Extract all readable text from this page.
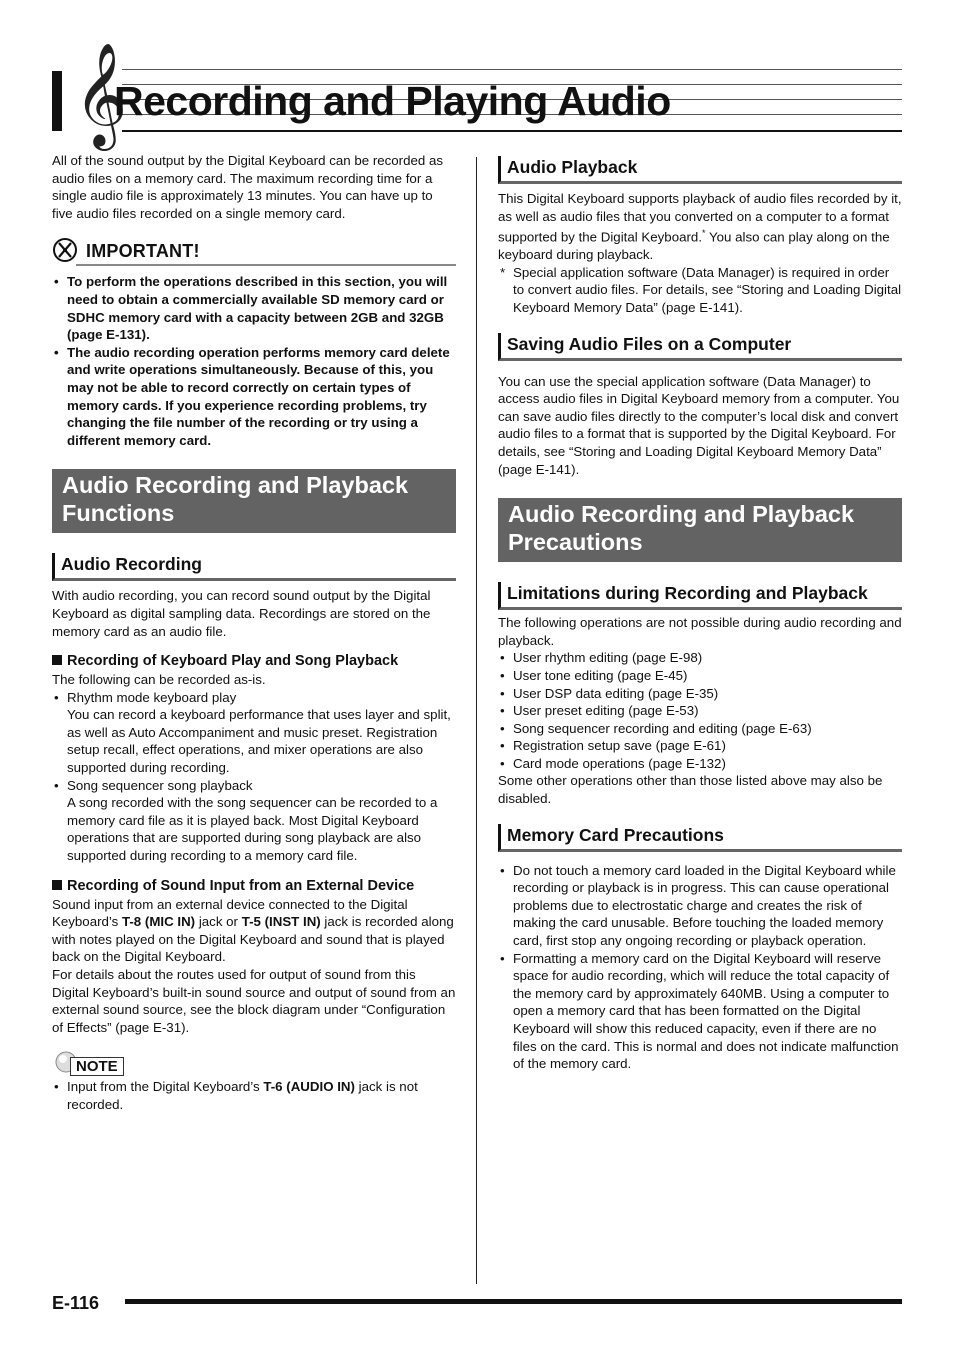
𝄞
Recording and Playing Audio

All of the sound output by the Digital Keyboard can be recorded as audio files on a memory card. The maximum recording time for a single audio file is approximately 13 minutes. You can have up to five audio files recorded on a single memory card.

IMPORTANT!
• To perform the operations described in this section, you will need to obtain a commercially available SD memory card or SDHC memory card with a capacity between 2GB and 32GB (page E-131).
• The audio recording operation performs memory card delete and write operations simultaneously. Because of this, you may not be able to record correctly on certain types of memory cards. If you experience recording problems, try changing the file number of the recording or try using a different memory card.
Audio Recording and Playback Functions
Audio Recording

With audio recording, you can record sound output by the Digital Keyboard as digital sampling data. Recordings are stored on the memory card as an audio file.

Recording of Keyboard Play and Song Playback

The following can be recorded as-is.

• Rhythm mode keyboard play
You can record a keyboard performance that uses layer and split, as well as Auto Accompaniment and music preset. Registration setup recall, effect operations, and mixer operations are also supported during recording.
• Song sequencer song playback
A song recorded with the song sequencer can be recorded to a memory card file as it is played back. Most Digital Keyboard operations that are supported during song playback are also supported during recording to a memory card file.
Recording of Sound Input from an External Device

Sound input from an external device connected to the Digital Keyboard’s T-8 (MIC IN) jack or T-5 (INST IN) jack is recorded along with notes played on the Digital Keyboard and sound that is played back on the Digital Keyboard.

For details about the routes used for output of sound from this Digital Keyboard’s built-in sound source and output of sound from an external sound source, see the block diagram under “Configuration of Effects” (page E-31).

NOTE
• Input from the Digital Keyboard’s T-6 (AUDIO IN) jack is not recorded.
Audio Playback

This Digital Keyboard supports playback of audio files recorded by it, as well as audio files that you converted on a computer to a format supported by the Digital Keyboard.* You also can play along on the keyboard during playback.

* Special application software (Data Manager) is required in order to convert audio files. For details, see “Storing and Loading Digital Keyboard Memory Data” (page E-141).
Saving Audio Files on a Computer

You can use the special application software (Data Manager) to access audio files in Digital Keyboard memory from a computer. You can save audio files directly to the computer’s local disk and convert audio files to a format that is supported by the Digital Keyboard. For details, see “Storing and Loading Digital Keyboard Memory Data” (page E-141).

Audio Recording and Playback Precautions
Limitations during Recording and Playback

The following operations are not possible during audio recording and playback.

• User rhythm editing (page E-98)
• User tone editing (page E-45)
• User DSP data editing (page E-35)
• User preset editing (page E-53)
• Song sequencer recording and editing (page E-63)
• Registration setup save (page E-61)
• Card mode operations (page E-132)

Some other operations other than those listed above may also be disabled.

Memory Card Precautions
• Do not touch a memory card loaded in the Digital Keyboard while recording or playback is in progress. This can cause operational problems due to electrostatic charge and creates the risk of making the card unusable. Before touching the loaded memory card, first stop any ongoing recording or playback operation.
• Formatting a memory card on the Digital Keyboard will reserve space for audio recording, which will reduce the total capacity of the memory card by approximately 640MB. Using a computer to open a memory card that has been formatted on the Digital Keyboard will show this reduced capacity, even if there are no files on the card. This is normal and does not indicate malfunction of the memory card.
E-116
